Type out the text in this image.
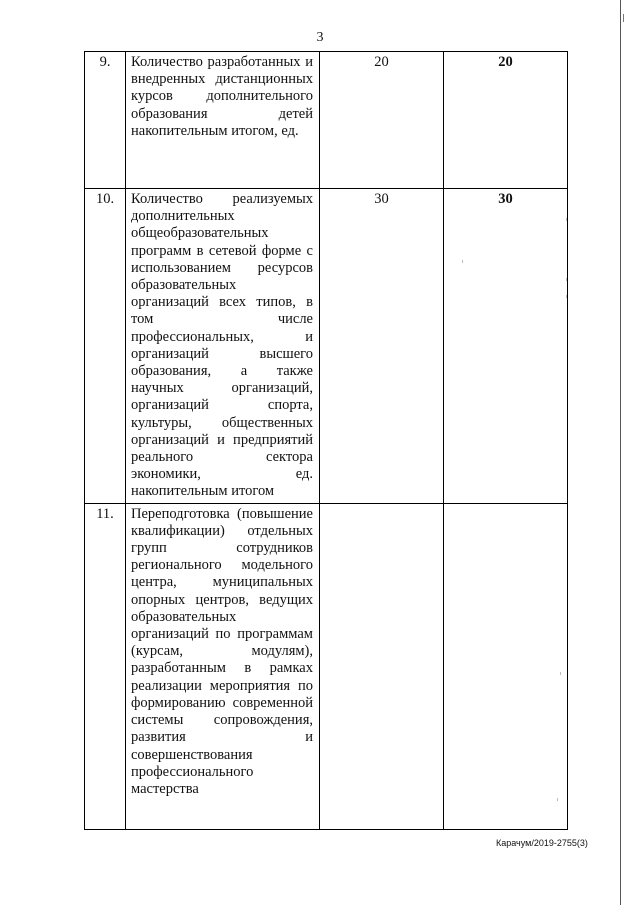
3
9.	Количество разработанных и внедренных дистанционных курсов дополнительного образования детей накопительным итогом, ед.	20	20
10.	Количество реализуемых дополнительных общеобразовательных программ в сетевой форме с использованием ресурсов образовательных организаций всех типов, в том числе профессиональных, и организаций высшего образования, а также научных организаций, организаций спорта, культуры, общественных организаций и предприятий реального сектора экономики, ед. накопительным итогом	30	30
11.	Переподготовка (повышение квалификации) отдельных групп сотрудников регионального модельного центра, муниципальных опорных центров, ведущих образовательных организаций по программам (курсам, модулям), разработанным в рамках реализации мероприятия по формированию современной системы сопровождения, развития и совершенствования профессионального мастерства		

Карачум/2019-2755(3)
